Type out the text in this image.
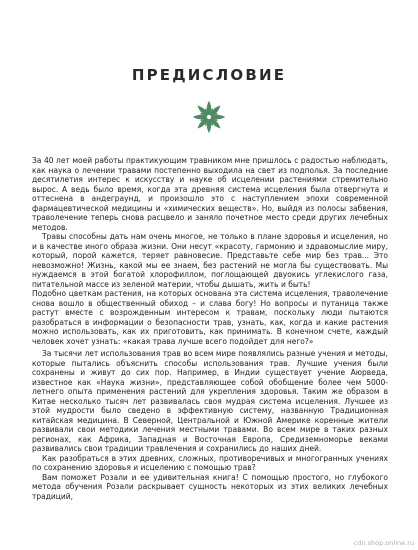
ПРЕДИСЛОВИЕ

За 40 лет моей работы практикующим травником мне пришлось с радостью наблюдать, как наука о лечении травами постепенно выходила на свет из подполья. За последние десятилетия интерес к искусству и науке об исцелении растениями стремительно вырос. А ведь было время, когда эта древняя система исцеления была отвергнута и оттеснена в андеграунд, и произошло это с наступлением эпохи современной фармацевтической медицины и «химических веществ». Но, выйдя из полосы забвения, траволечение теперь снова расцвело и заняло почетное место среди других лечебных методов.

Травы способны дать нам очень многое, не только в плане здоровья и исцеления, но и в качестве иного образа жизни. Они несут «красоту, гармонию и здравомыслие миру, который, порой кажется, теряет равновесие. Представьте себе мир без трав... Это невозможно! Жизнь, какой мы ее знаем, без растений не могла бы существовать. Мы нуждаемся в этой богатой хлорофиллом, поглощающей двуокись углекислого газа, питательной массе из зеленой материи, чтобы дышать, жить и быть!

Подобно цветкам растения, на которых основана эта система исцеления, траволечение снова вошло в общественный обиход – и слава богу! Но вопросы и путаница также растут вместе с возрожденным интересом к травам, поскольку люди пытаются разобраться в информации о безопасности трав, узнать, как, когда и какие растения можно использовать, как их приготовить, как принимать. В конечном счете, каждый человек хочет узнать: «какая трава лучше всего подойдет для него?»

За тысячи лет использования трав во всем мире появлялись разные учения и методы, которые пытались объяснить способы использования трав. Лучшие учения были сохранены и живут до сих пор. Например, в Индии существует учение Аюрведа, известное как «Наука жизни», представляющее собой обобщение более чем 5000-летнего опыта применения растений для укрепления здоровья. Таким же образом в Китае несколько тысяч лет развивалась своя мудрая система исцеления. Лучшее из этой мудрости было сведено в эффективную систему, названную Традиционная китайская медицина. В Северной, Центральной и Южной Америке коренные жители развивали свои методики лечения местными травами. Во всем мире в таких разных регионах, как Африка, Западная и Восточная Европа, Средиземноморье веками развивались свои традиции травлечения и сохранились до наших дней.

Как разобраться в этих древних, сложных, противоречивых и многогранных учениях по сохранению здоровья и исцелению с помощью трав?

Вам поможет Розали и ее удивительная книга! С помощью простого, но глубокого метода обучения Розали раскрывает сущность некоторых из этих великих лечебных традиций,

cdn.shop.online.ru
